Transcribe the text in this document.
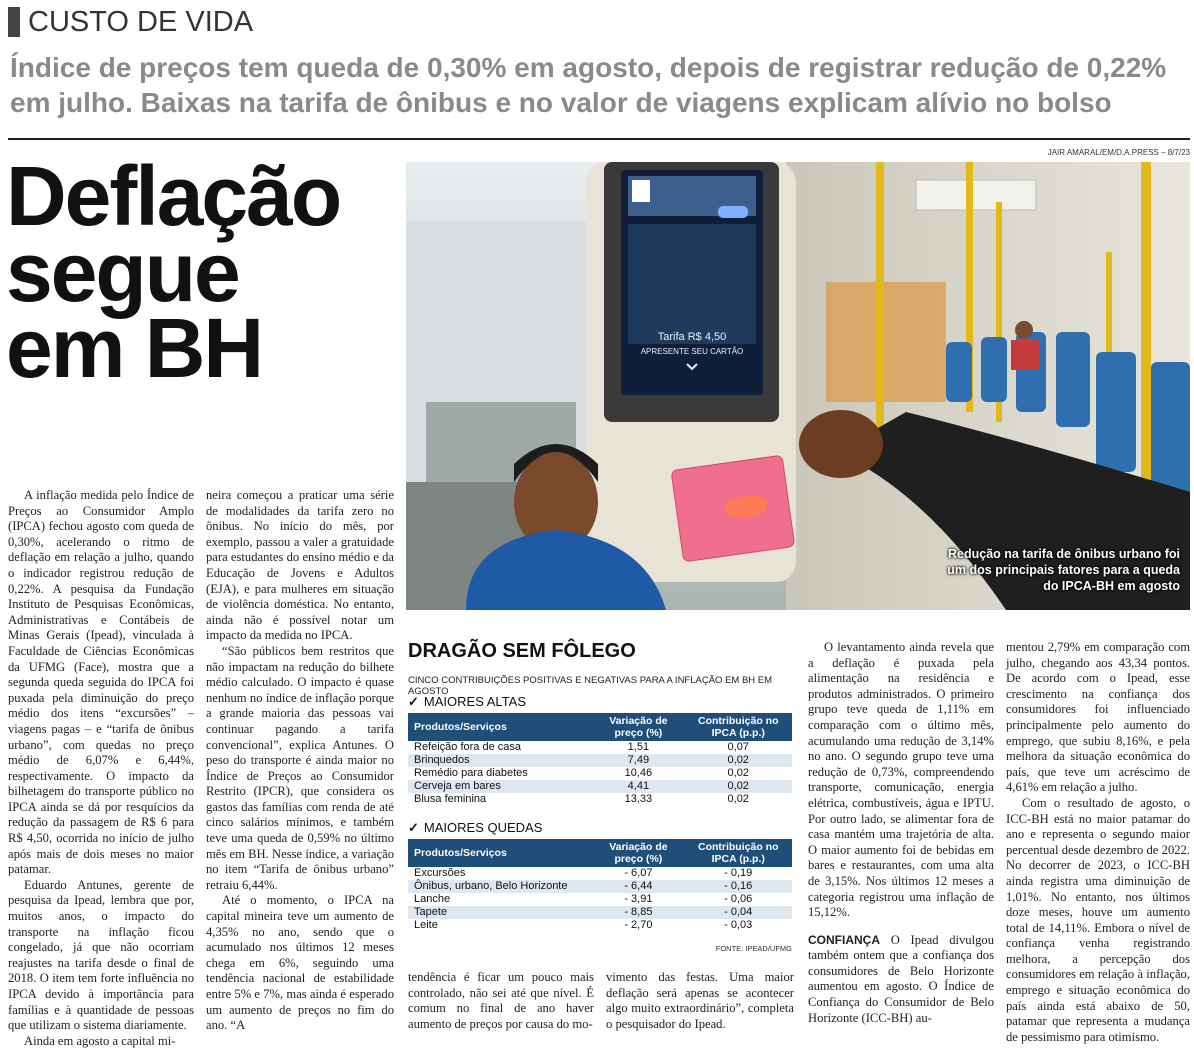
CUSTO DE VIDA
Índice de preços tem queda de 0,30% em agosto, depois de registrar redução de 0,22% em julho. Baixas na tarifa de ônibus e no valor de viagens explicam alívio no bolso
Deflação
segue
em BH
JAIR AMARAL/EM/D.A.PRESS – 8/7/23
Tarifa R$ 4,50
APRESENTE SEU CARTÃO
Redução na tarifa de ônibus urbano foi um dos principais fatores para a queda do IPCA-BH em agosto

A inflação medida pelo Índice de Preços ao Consumidor Amplo (IPCA) fechou agosto com queda de 0,30%, acelerando o ritmo de deflação em relação a julho, quando o indicador registrou redução de 0,22%. A pesquisa da Fundação Instituto de Pesquisas Econômicas, Administrativas e Contábeis de Minas Gerais (Ipead), vinculada à Faculdade de Ciências Econômicas da UFMG (Face), mostra que a segunda queda seguida do IPCA foi puxada pela diminuição do preço médio dos itens “excursões” – viagens pagas – e “tarifa de ônibus urbano”, com quedas no preço médio de 6,07% e 6,44%, respectivamente. O impacto da bilhetagem do transporte público no IPCA ainda se dá por resquícios da redução da passagem de R$ 6 para R$ 4,50, ocorrida no início de julho após mais de dois meses no maior patamar.

Eduardo Antunes, gerente de pesquisa da Ipead, lembra que por, muitos anos, o impacto do transporte na inflação ficou congelado, já que não ocorriam reajustes na tarifa desde o final de 2018. O item tem forte influência no IPCA devido à importância para famílias e à quantidade de pessoas que utilizam o sistema diariamente.

Ainda em agosto a capital mi-

neira começou a praticar uma série de modalidades da tarifa zero no ônibus. No início do mês, por exemplo, passou a valer a gratuidade para estudantes do ensino médio e da Educação de Jovens e Adultos (EJA), e para mulheres em situação de violência doméstica. No entanto, ainda não é possível notar um impacto da medida no IPCA.

“São públicos bem restritos que não impactam na redução do bilhete médio calculado. O impacto é quase nenhum no índice de inflação porque a grande maioria das pessoas vai continuar pagando a tarifa convencional”, explica Antunes. O peso do transporte é ainda maior no Índice de Preços ao Consumidor Restrito (IPCR), que considera os gastos das famílias com renda de até cinco salários mínimos, e também teve uma queda de 0,59% no último mês em BH. Nesse índice, a variação no item “Tarifa de ônibus urbano” retraiu 6,44%.

Até o momento, o IPCA na capital mineira teve um aumento de 4,35% no ano, sendo que o acumulado nos últimos 12 meses chega em 6%, seguindo uma tendência nacional de estabilidade entre 5% e 7%, mas ainda é esperado um aumento de preços no fim do ano. “A

DRAGÃO SEM FÔLEGO
CINCO CONTRIBUIÇÕES POSITIVAS E NEGATIVAS PARA A INFLAÇÃO EM BH EM AGOSTO
✓ MAIORES ALTAS
Produtos/Serviços	Variação de preço (%)	Contribuição no IPCA (p.p.)
Refeição fora de casa	1,51	0,07
Brinquedos	7,49	0,02
Remédio para diabetes	10,46	0,02
Cerveja em bares	4,41	0,02
Blusa feminina	13,33	0,02
✓ MAIORES QUEDAS
Produtos/Serviços	Variação de preço (%)	Contribuição no IPCA (p.p.)
Excursões	- 6,07	- 0,19
Ônibus, urbano, Belo Horizonte	- 6,44	- 0,16
Lanche	- 3,91	- 0,06
Tapete	- 8,85	- 0,04
Leite	- 2,70	- 0,03
FONTE: IPEAD/UFMG

tendência é ficar um pouco mais controlado, não sei até que nível. É comum no final de ano haver aumento de preços por causa do mo-

vimento das festas. Uma maior deflação será apenas se acontecer algo muito extraordinário”, completa o pesquisador do Ipead.

O levantamento ainda revela que a deflação é puxada pela alimentação na residência e produtos administrados. O primeiro grupo teve queda de 1,11% em comparação com o último mês, acumulando uma redução de 3,14% no ano. O segundo grupo teve uma redução de 0,73%, compreendendo transporte, comunicação, energia elétrica, combustíveis, água e IPTU. Por outro lado, se alimentar fora de casa mantém uma trajetória de alta. O maior aumento foi de bebidas em bares e restaurantes, com uma alta de 3,15%. Nos últimos 12 meses a categoria registrou uma inflação de 15,12%.

CONFIANÇA O Ipead divulgou também ontem que a confiança dos consumidores de Belo Horizonte aumentou em agosto. O Índice de Confiança do Consumidor de Belo Horizonte (ICC-BH) au-

mentou 2,79% em comparação com julho, chegando aos 43,34 pontos. De acordo com o Ipead, esse crescimento na confiança dos consumidores foi influenciado principalmente pelo aumento do emprego, que subiu 8,16%, e pela melhora da situação econômica do país, que teve um acréscimo de 4,61% em relação a julho.

Com o resultado de agosto, o ICC-BH está no maior patamar do ano e representa o segundo maior percentual desde dezembro de 2022. No decorrer de 2023, o ICC-BH ainda registra uma diminuição de 1,01%. No entanto, nos últimos doze meses, houve um aumento total de 14,11%. Embora o nível de confiança venha registrando melhora, a percepção dos consumidores em relação à inflação, emprego e situação econômica do país ainda está abaixo de 50, patamar que representa a mudança de pessimismo para otimismo.
